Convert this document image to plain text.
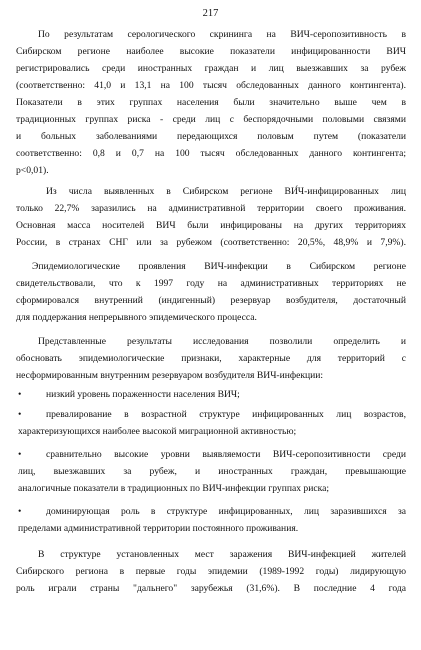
217
По результатам серологического скрининга на ВИЧ-серопозитивность в
Сибирском регионе наиболее высокие показатели инфицированности ВИЧ
регистрировались среди иностранных граждан и лиц выезжавших за рубеж
(соответственно: 41,0 и 13,1 на 100 тысяч обследованных данного контингента).
Показатели в этих группах населения были значительно выше чем в
традиционных группах риска - среди лиц с беспорядочными половыми связями
и больных заболеваниями передающихся половым путем (показатели
соответственно: 0,8 и 0,7 на 100 тысяч обследованных данного контингента;
p<0,01).
Из числа выявленных в Сибирском регионе ВИ́Ч-инфицированных лиц
только 22,7% заразились на административной территории своего проживания.
Основная масса носителей ВИЧ были инфицированы на других территориях
России, в странах СНГ или за рубежом (соответственно: 20,5%, 48,9% и 7,9%).
Эпидемиологические проявления ВИЧ-инфекции в Сибирском регионе
свидетельствовали, что к 1997 году на административных территориях не
сформировался внутренний (индигенный) резервуар возбудителя, достаточный
для поддержания непрерывного эпидемического процесса.
Представленные результаты исследования позволили определить и
обосновать эпидемиологические признаки, характерные для территорий с
несформированным внутренним резервуаром возбудителя ВИЧ-инфекции:
•	низкий уровень пораженности населения ВИЧ;
•	превалирование в возрастной структуре инфицированных лиц возрастов,
характеризующихся наиболее высокой миграционной активностью;
•	сравнительно высокие уровни выявляемости ВИЧ-серопозитивности среди
лиц, выезжавших за рубеж, и иностранных граждан, превышающие
аналогичные показатели в традиционных по ВИЧ-инфекции группах риска;
•	доминирующая роль в структуре инфицированных, лиц заразившихся за
пределами административной территории постоянного проживания.
В структуре установленных мест заражения ВИЧ-инфекцией жителей
Сибирского региона в первые годы эпидемии (1989-1992 годы) лидирующую
роль играли страны "дальнего" зарубежья (31,6%). В последние 4 года
